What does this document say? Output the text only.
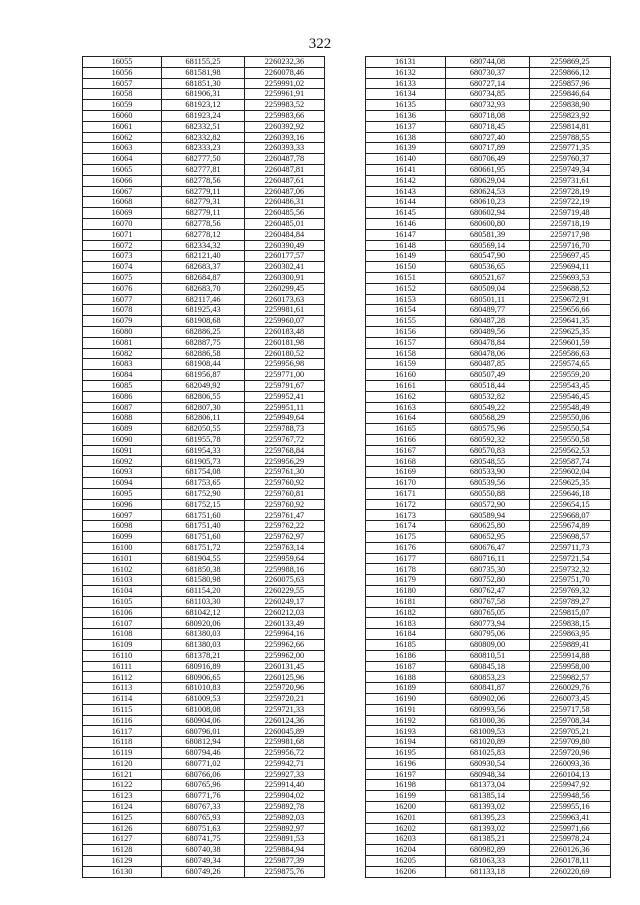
322
16055	681155,25	2260232,36
16056	681581,98	2260078,46
16057	681851,30	2259991,02
16058	681906,31	2259961,91
16059	681923,12	2259983,52
16060	681923,24	2259983,66
16061	682332,51	2260392,92
16062	682332,82	2260393,16
16063	682333,23	2260393,33
16064	682777,50	2260487,78
16065	682777,81	2260487,81
16066	682778,56	2260487,61
16067	682779,11	2260487,06
16068	682779,31	2260486,31
16069	682779,11	2260485,56
16070	682778,56	2260485,01
16071	682778,12	2260484,84
16072	682334,32	2260390,49
16073	682121,40	2260177,57
16074	682683,37	2260302,41
16075	682684,87	2260300,91
16076	682683,70	2260299,45
16077	682117,46	2260173,63
16078	681925,43	2259981,61
16079	681908,68	2259960,07
16080	682886,25	2260183,48
16081	682887,75	2260181,98
16082	682886,58	2260180,52
16083	681908,44	2259956,98
16084	681956,87	2259771,00
16085	682049,92	2259791,67
16086	682806,55	2259952,41
16087	682807,30	2259951,11
16088	682806,11	2259949,64
16089	682050,55	2259788,73
16090	681955,78	2259767,72
16091	681954,33	2259768,84
16092	681905,73	2259956,29
16093	681754,08	2259761,30
16094	681753,65	2259760,92
16095	681752,90	2259760,81
16096	681752,15	2259760,92
16097	681751,60	2259761,47
16098	681751,40	2259762,22
16099	681751,60	2259762,97
16100	681751,72	2259763,14
16101	681904,55	2259959,64
16102	681850,38	2259988,16
16103	681580,98	2260075,63
16104	681154,20	2260229,55
16105	681103,30	2260249,17
16106	681042,12	2260212,03
16107	680920,06	2260133,49
16108	681380,03	2259964,16
16109	681380,03	2259962,66
16110	681378,21	2259962,00
16111	680916,89	2260131,45
16112	680906,65	2260125,96
16113	681010,83	2259720,96
16114	681009,53	2259720,21
16115	681008,08	2259721,33
16116	680904,06	2260124,36
16117	680796,01	2260045,89
16118	680812,94	2259981,68
16119	680794,46	2259956,72
16120	680771,02	2259942,71
16121	680766,06	2259927,33
16122	680765,96	2259914,40
16123	680771,76	2259904,02
16124	680767,33	2259892,78
16125	680765,93	2259892,03
16126	680751,63	2259892,97
16127	680741,75	2259891,53
16128	680740,38	2259884,94
16129	680749,34	2259877,39
16130	680749,26	2259875,76
16131	680744,08	2259869,25
16132	680730,37	2259866,12
16133	680727,14	2259857,96
16134	680734,85	2259846,64
16135	680732,93	2259838,90
16136	680718,08	2259823,92
16137	680718,45	2259814,81
16138	680727,40	2259788,55
16139	680717,89	2259771,35
16140	680706,49	2259760,37
16141	680661,95	2259749,34
16142	680629,04	2259731,61
16143	680624,53	2259728,19
16144	680610,23	2259722,19
16145	680602,94	2259719,48
16146	680600,80	2259718,19
16147	680581,39	2259717,98
16148	680569,14	2259716,70
16149	680547,90	2259697,45
16150	680536,65	2259694,11
16151	680521,67	2259693,53
16152	680509,04	2259688,52
16153	680501,11	2259672,91
16154	680489,77	2259656,66
16155	680487,28	2259641,35
16156	680489,56	2259625,35
16157	680478,84	2259601,59
16158	680478,06	2259586,63
16159	680487,85	2259574,65
16160	680507,49	2259559,20
16161	680518,44	2259543,45
16162	680532,82	2259546,45
16163	680549,22	2259548,49
16164	680568,29	2259550,06
16165	680575,96	2259550,54
16166	680592,32	2259550,58
16167	680570,83	2259562,53
16168	680548,55	2259587,74
16169	680533,90	2259602,04
16170	680539,56	2259625,35
16171	680550,88	2259646,18
16172	680572,90	2259654,15
16173	680589,94	2259668,07
16174	680625,80	2259674,89
16175	680652,95	2259698,57
16176	680676,47	2259711,73
16177	680716,11	2259721,54
16178	680735,30	2259732,32
16179	680752,80	2259751,70
16180	680762,47	2259769,32
16181	680767,58	2259789,27
16182	680765,05	2259815,07
16183	680773,94	2259838,15
16184	680795,06	2259863,95
16185	680809,00	2259889,41
16186	680810,51	2259914,88
16187	680845,18	2259958,00
16188	680853,23	2259982,57
16189	680841,87	2260029,76
16190	680902,06	2260073,45
16191	680993,56	2259717,58
16192	681000,36	2259708,34
16193	681009,53	2259705,21
16194	681020,89	2259709,80
16195	681025,83	2259720,96
16196	680930,54	2260093,36
16197	680948,34	2260104,13
16198	681373,04	2259947,92
16199	681385,14	2259948,56
16200	681393,02	2259955,16
16201	681395,23	2259963,41
16202	681393,02	2259971,66
16203	681385,21	2259978,24
16204	680982,89	2260126,36
16205	681063,33	2260178,11
16206	681133,18	2260220,69
